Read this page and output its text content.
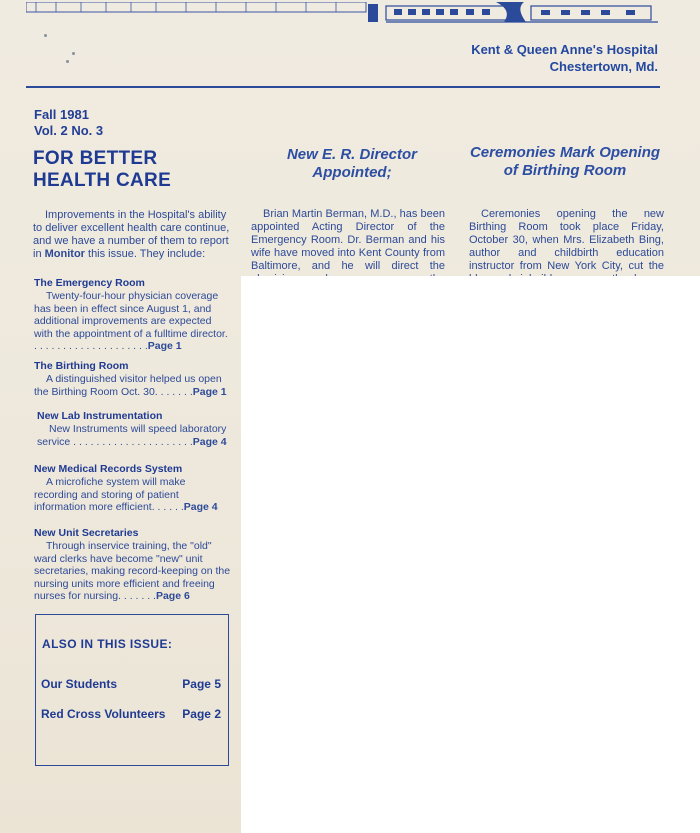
Kent & Queen Anne's Hospital
Chestertown, Md.
Fall 1981
Vol. 2 No. 3
FOR BETTER
HEALTH CARE
Improvements in the Hospital's ability to deliver excellent health care continue, and we have a number of them to report in Monitor this issue. They include:
The Emergency Room
Twenty-four-hour physician coverage has been in effect since August 1, and additional improvements are expected with the appointment of a fulltime director. . . . . . . . . . . . . . . . . . . . .Page 1
The Birthing Room
A distinguished visitor helped us open the Birthing Room Oct. 30. . . . . . .Page 1
New Lab Instrumentation
New Instruments will speed laboratory service . . . . . . . . . . . . . . . . . . . . .Page 4
New Medical Records System
A microfiche system will make recording and storing of patient information more efficient. . . . . .Page 4
New Unit Secretaries
Through inservice training, the "old" ward clerks have become "new" unit secretaries, making record-keeping on the nursing units more efficient and freeing nurses for nursing. . . . . . .Page 6
ALSO IN THIS ISSUE:
Our Students	Page 5
Red Cross Volunteers Page 2
New E. R. Director
Appointed;
Brian Martin Berman, M.D., has been appointed Acting Director of the Emergency Room. Dr. Berman and his wife have moved into Kent County from Baltimore, and he will direct the
Ceremonies Mark Opening
of Birthing Room
Ceremonies opening the new Birthing Room took place Friday, October 30, when Mrs. Elizabeth Bing, author and childbirth education instructor from New York City, cut the
